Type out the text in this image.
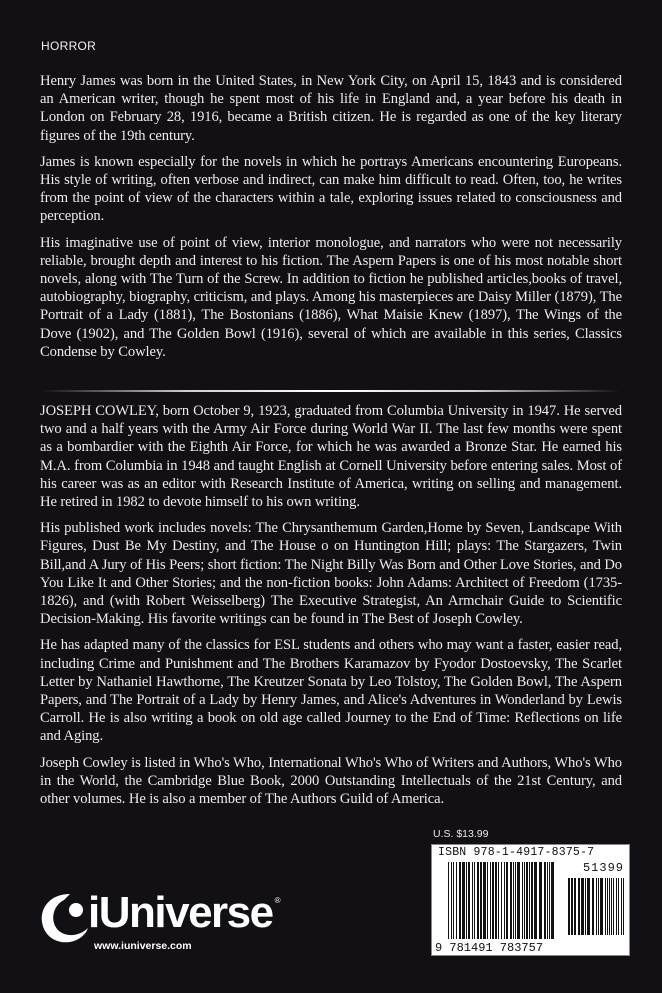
HORROR

Henry James was born in the United States, in New York City, on April 15, 1843 and is considered an American writer, though he spent most of his life in England and, a year before his death in London on February 28, 1916, became a British citizen. He is regarded as one of the key literary figures of the 19th century.

James is known especially for the novels in which he portrays Americans encountering Europeans. His style of writing, often verbose and indirect, can make him difficult to read. Often, too, he writes from the point of view of the characters within a tale, exploring issues related to consciousness and perception.

His imaginative use of point of view, interior monologue, and narrators who were not necessarily reliable, brought depth and interest to his fiction. The Aspern Papers is one of his most notable short novels, along with The Turn of the Screw. In addition to fiction he published articles,books of travel, autobiography, biography, criticism, and plays. Among his masterpieces are Daisy Miller (1879), The Portrait of a Lady (1881), The Bostonians (1886), What Maisie Knew (1897), The Wings of the Dove (1902), and The Golden Bowl (1916), several of which are available in this series, Classics Condense by Cowley.

JOSEPH COWLEY, born October 9, 1923, graduated from Columbia University in 1947. He served two and a half years with the Army Air Force during World War II. The last few months were spent as a bombardier with the Eighth Air Force, for which he was awarded a Bronze Star. He earned his M.A. from Columbia in 1948 and taught English at Cornell University before entering sales. Most of his career was as an editor with Research Institute of America, writing on selling and management. He retired in 1982 to devote himself to his own writing.

His published work includes novels: The Chrysanthemum Garden,Home by Seven, Landscape With Figures, Dust Be My Destiny, and The House o on Huntington Hill; plays: The Stargazers, Twin Bill,and A Jury of His Peers; short fiction: The Night Billy Was Born and Other Love Stories, and Do You Like It and Other Stories; and the non-fiction books: John Adams: Architect of Freedom (1735-1826), and (with Robert Weisselberg) The Executive Strategist, An Armchair Guide to Scientific Decision-Making. His favorite writings can be found in The Best of Joseph Cowley.

He has adapted many of the classics for ESL students and others who may want a faster, easier read, including Crime and Punishment and The Brothers Karamazov by Fyodor Dostoevsky, The Scarlet Letter by Nathaniel Hawthorne, The Kreutzer Sonata by Leo Tolstoy, The Golden Bowl, The Aspern Papers, and The Portrait of a Lady by Henry James, and Alice's Adventures in Wonderland by Lewis Carroll. He is also writing a book on old age called Journey to the End of Time: Reflections on life and Aging.

Joseph Cowley is listed in Who's Who, International Who's Who of Writers and Authors, Who's Who in the World, the Cambridge Blue Book, 2000 Outstanding Intellectuals of the 21st Century, and other volumes. He is also a member of The Authors Guild of America.

U.S. $13.99
ISBN 978-1-4917-8375-7
51399
9 781491 783757
iUniverse ®
www.iuniverse.com
